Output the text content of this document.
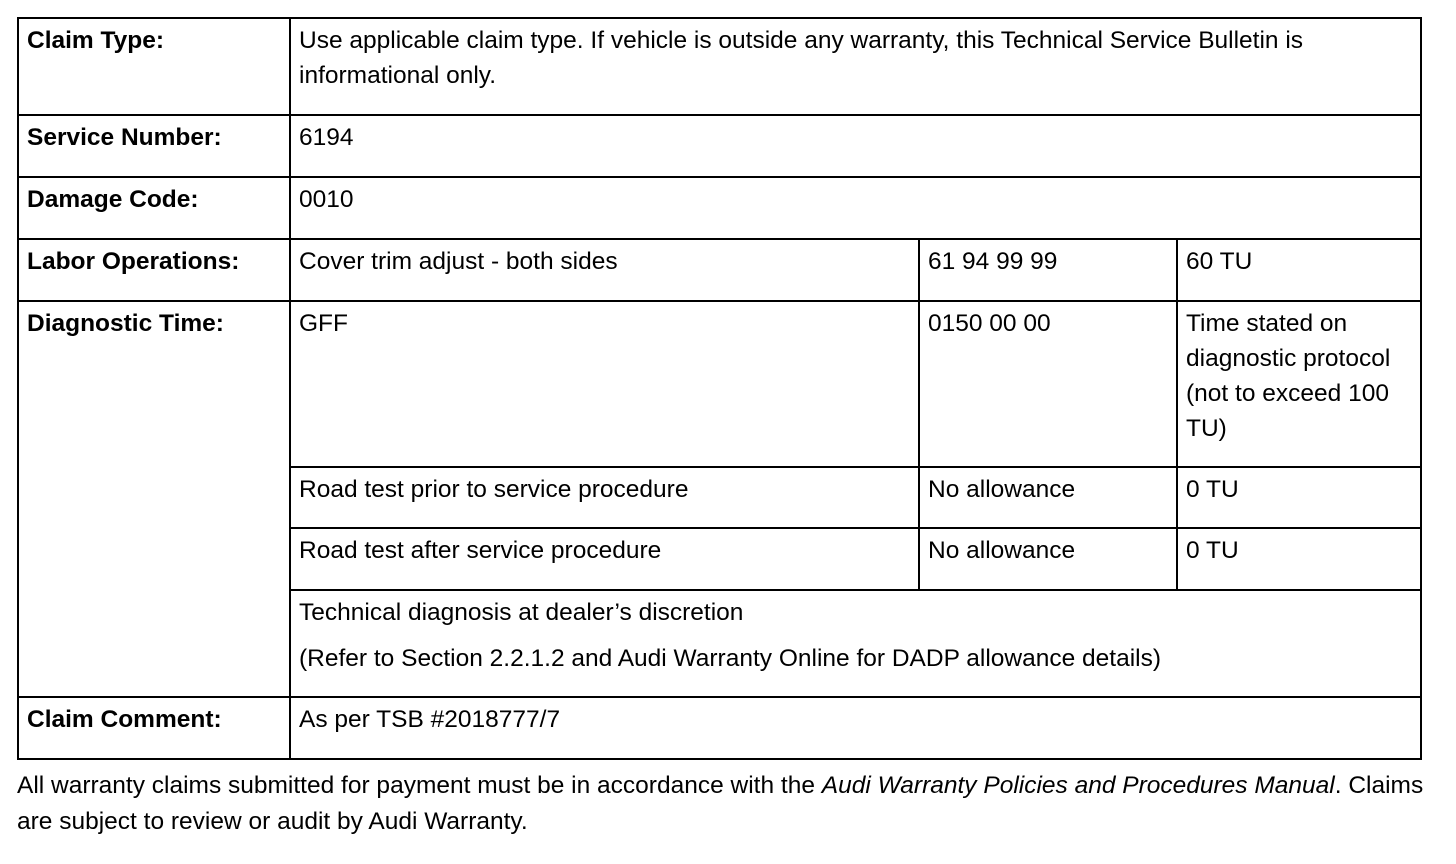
Claim Type:	Use applicable claim type. If vehicle is outside any warranty, this Technical Service Bulletin is informational only.		
Service Number:	6194		
Damage Code:	0010		
Labor Operations:	Cover trim adjust - both sides	61 94 99 99	60 TU
Diagnostic Time:	GFF	0150 00 00	Time stated on diagnostic protocol (not to exceed 100 TU)
	Road test prior to service procedure	No allowance	0 TU
	Road test after service procedure	No allowance	0 TU

	Technical diagnosis at dealer’s discretion
(Refer to Section 2.2.1.2 and Audi Warranty Online for DADP allowance details)		

Claim Comment:	As per TSB #2018777/7		
All warranty claims submitted for payment must be in accordance with the Audi Warranty Policies and Procedures Manual. Claims are subject to review or audit by Audi Warranty.
